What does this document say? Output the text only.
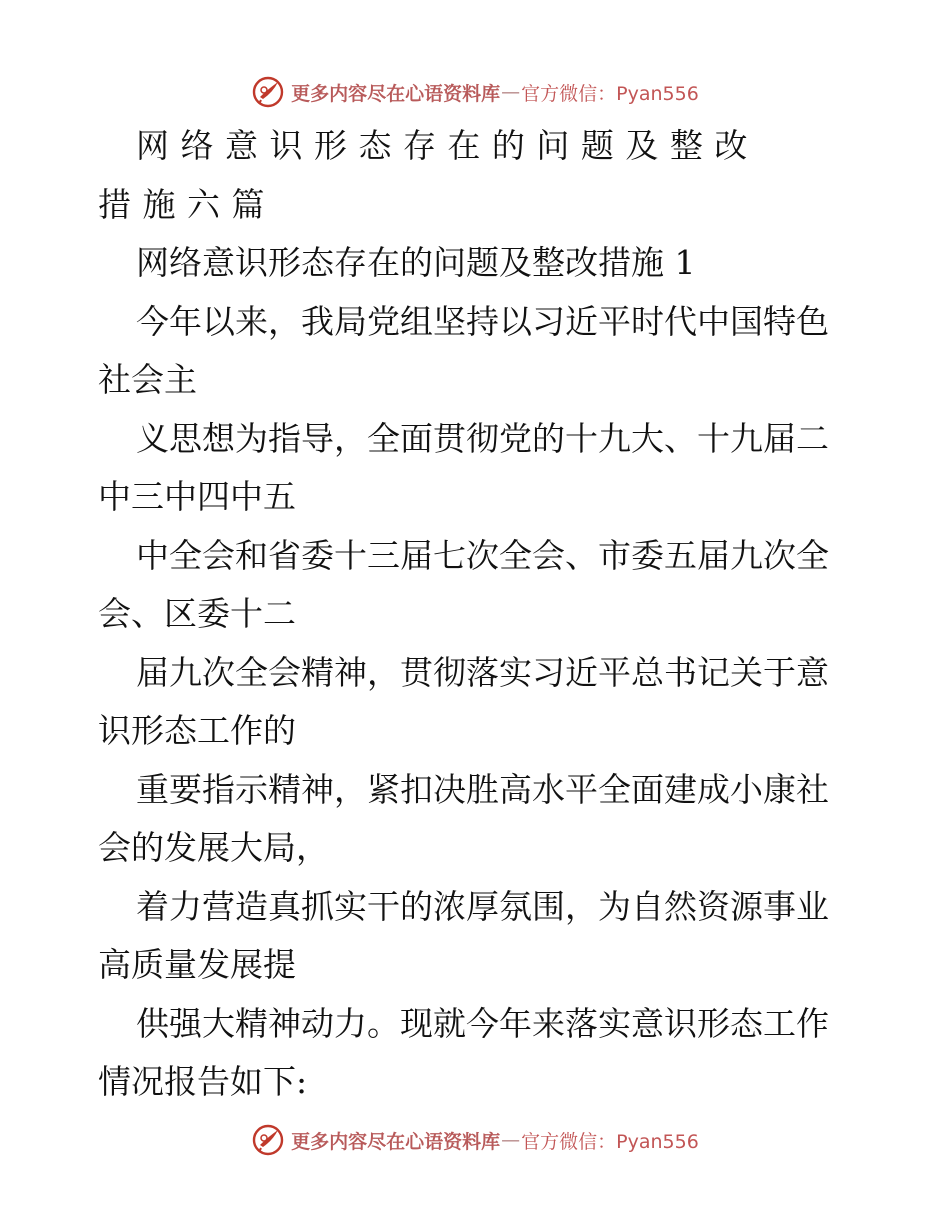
更多内容尽在心语资料库 — 官方微信：Pyan556
网 络 意 识 形 态 存 在 的 问 题 及 整 改
措 施 六 篇
网络意识形态存在的问题及整改措施 1
今年以来，我局党组坚持以习近平时代中国特色
社会主
义思想为指导，全面贯彻党的十九大、十九届二
中三中四中五
中全会和省委十三届七次全会、市委五届九次全
会、区委十二
届九次全会精神，贯彻落实习近平总书记关于意
识形态工作的
重要指示精神，紧扣决胜高水平全面建成小康社
会的发展大局，
着力营造真抓实干的浓厚氛围，为自然资源事业
高质量发展提
供强大精神动力。现就今年来落实意识形态工作
情况报告如下:
更多内容尽在心语资料库 — 官方微信：Pyan556
